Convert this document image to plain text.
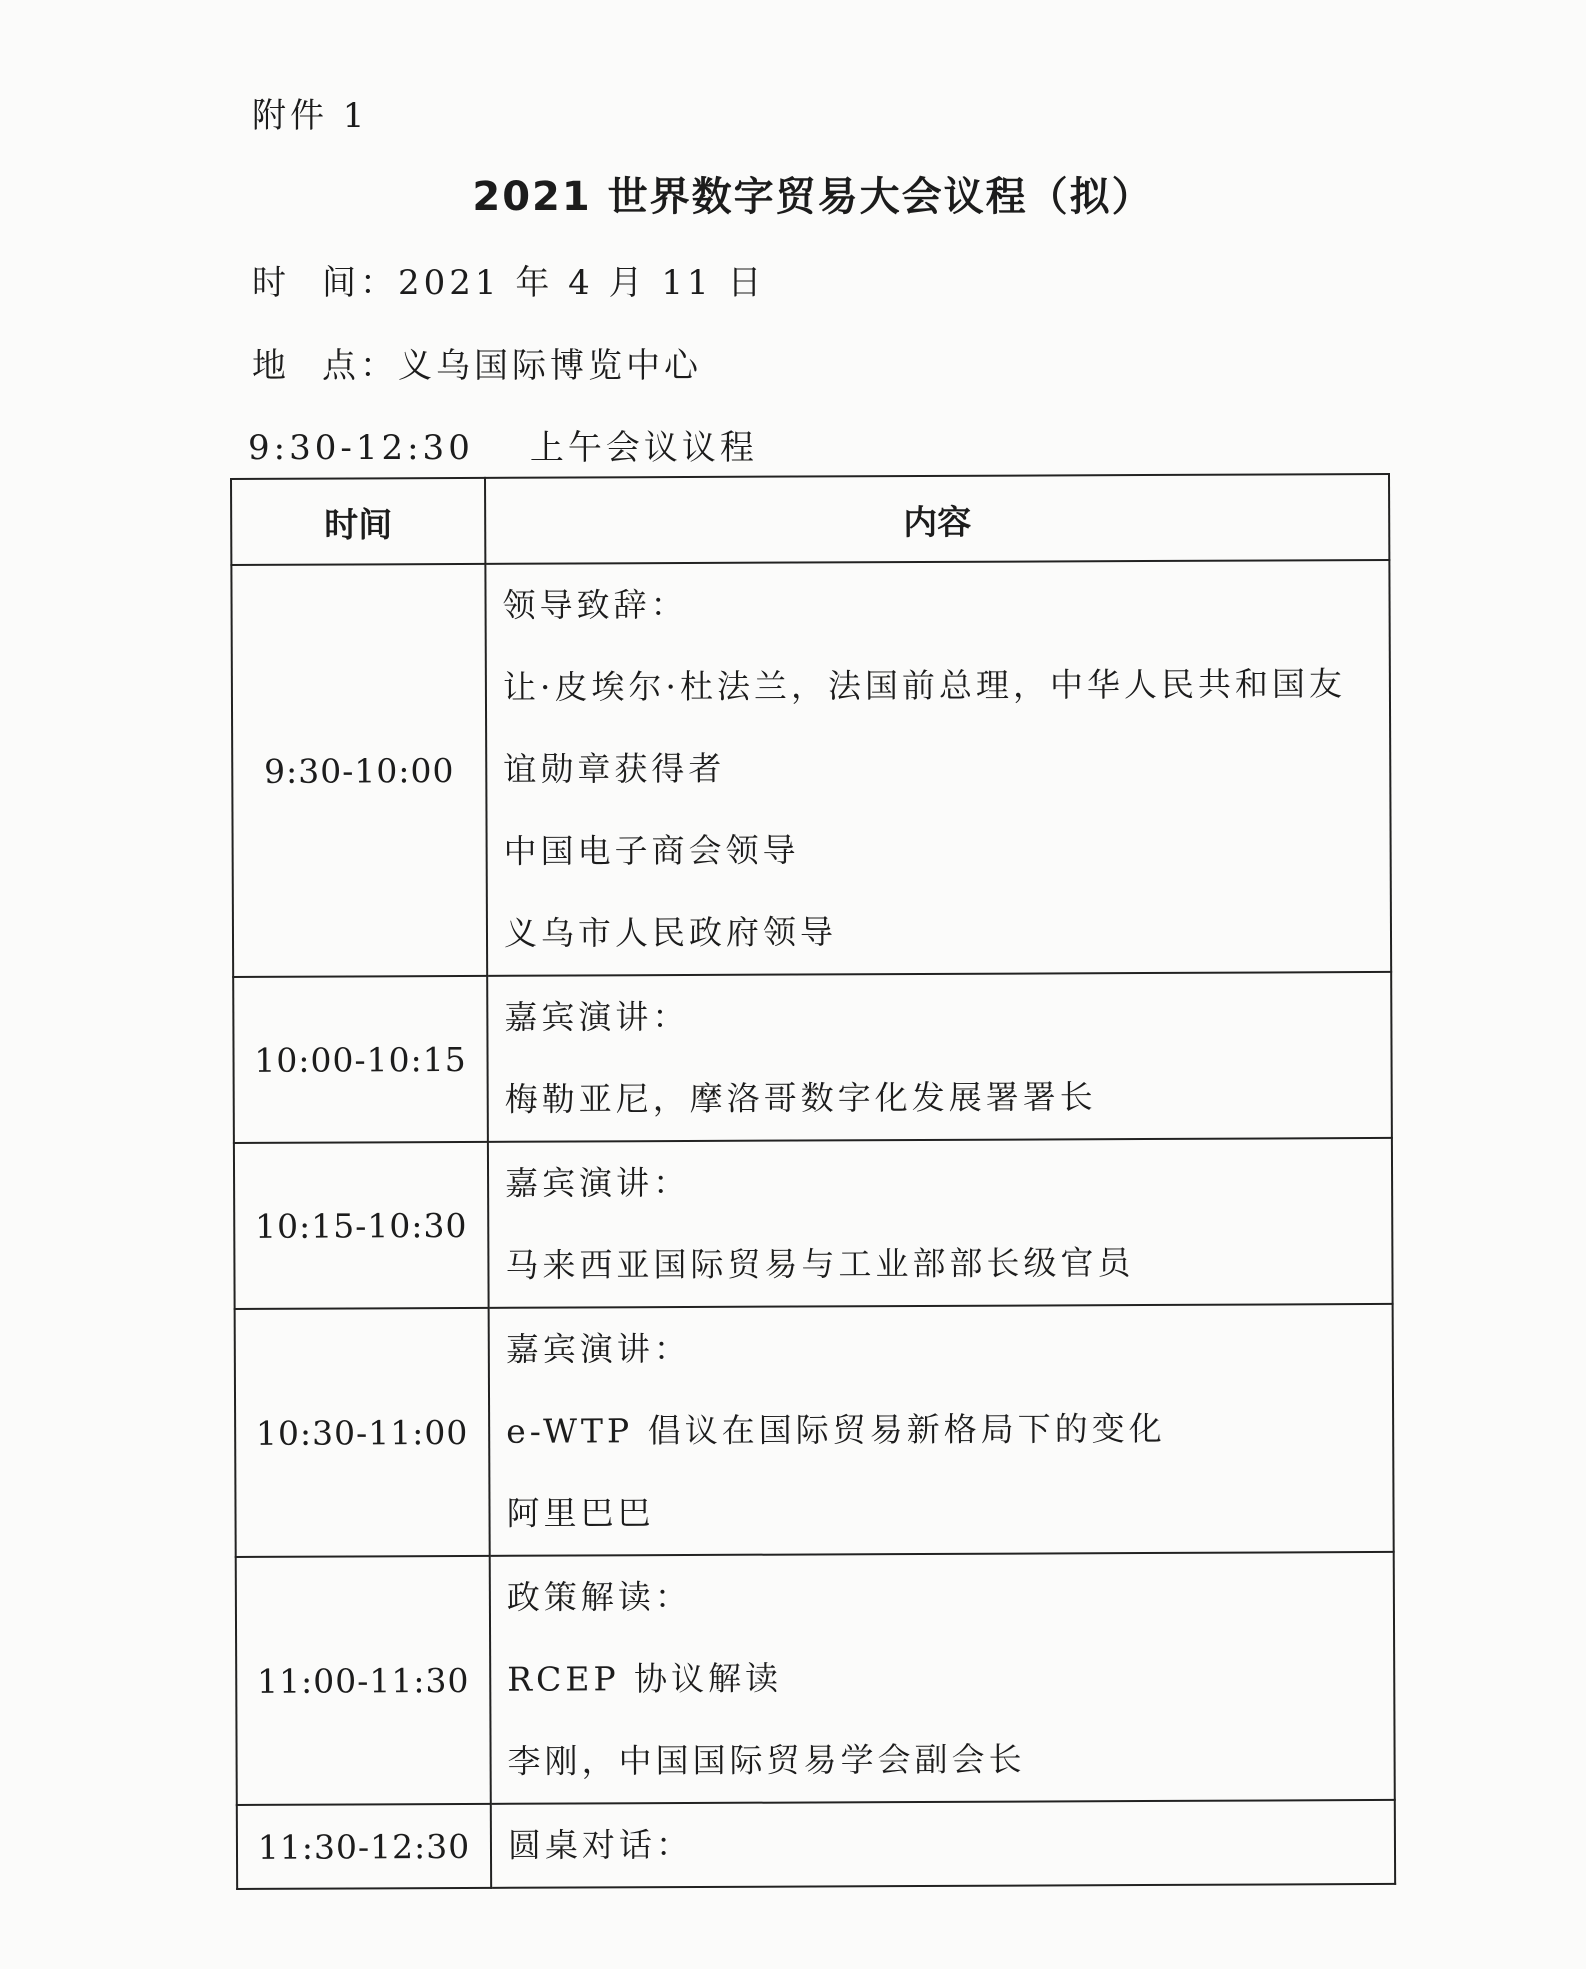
附件 1
2021 世界数字贸易大会议程（拟）
时 间：2021 年 4 月 11 日
地 点：义乌国际博览中心
9:30-12:30 上午会议议程
时间	内容
9:30-10:00	领导致辞：
让·皮埃尔·杜法兰，法国前总理，中华人民共和国友
谊勋章获得者
中国电子商会领导
义乌市人民政府领导

10:00-10:15	嘉宾演讲：
梅勒亚尼，摩洛哥数字化发展署署长

10:15-10:30	嘉宾演讲：
马来西亚国际贸易与工业部部长级官员

10:30-11:00	嘉宾演讲：
e-WTP 倡议在国际贸易新格局下的变化
阿里巴巴

11:00-11:30	政策解读：
RCEP 协议解读
李刚，中国国际贸易学会副会长

11:30-12:30	圆桌对话：
